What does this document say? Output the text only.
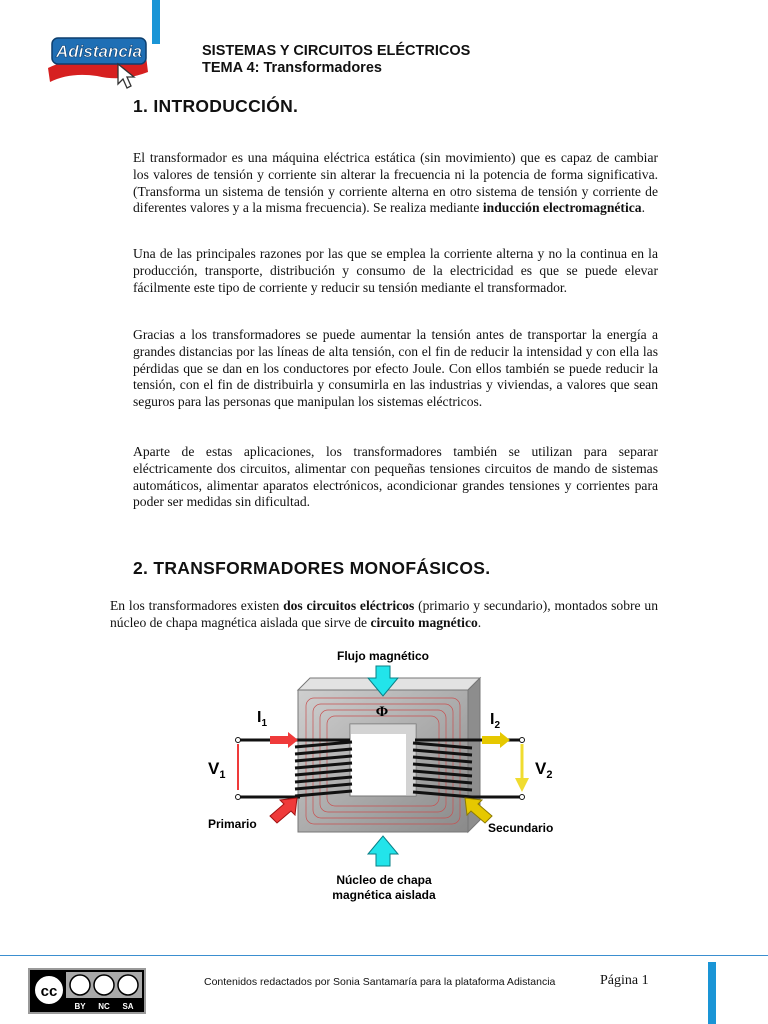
Adistancia	SISTEMAS Y CIRCUITOS ELÉCTRICOS
TEMA 4: Transformadores
1. INTRODUCCIÓN.
El transformador es una máquina eléctrica estática (sin movimiento) que es capaz de cambiar los valores de tensión y corriente sin alterar la frecuencia ni la potencia de forma significativa. (Transforma un sistema de tensión y corriente alterna en otro sistema de tensión y corriente de diferentes valores y a la misma frecuencia). Se realiza mediante inducción electromagnética.
Una de las principales razones por las que se emplea la corriente alterna y no la continua en la producción, transporte, distribución y consumo de la electricidad es que se puede elevar fácilmente este tipo de corriente y reducir su tensión mediante el transformador.
Gracias a los transformadores se puede aumentar la tensión antes de transportar la energía a grandes distancias por las líneas de alta tensión, con el fin de reducir la intensidad y con ella las pérdidas que se dan en los conductores por efecto Joule. Con ellos también se puede reducir la tensión, con el fin de distribuirla y consumirla en las industrias y viviendas, a valores que sean seguros para las personas que manipulan los sistemas eléctricos.
Aparte de estas aplicaciones, los transformadores también se utilizan para separar eléctricamente dos circuitos, alimentar con pequeñas tensiones circuitos de mando de sistemas automáticos, alimentar aparatos electrónicos, acondicionar grandes tensiones y corrientes para poder ser medidas sin dificultad.
2. TRANSFORMADORES MONOFÁSICOS.
En los transformadores existen dos circuitos eléctricos (primario y secundario), montados sobre un núcleo de chapa magnética aislada que sirve de circuito magnético.
Flujo magnético
Φ
$I_1$	$I_2$
$V_1$	$V_2$
Primario	Secundario
Núcleo de chapa
magnética aislada
cc
BY NC SA
Contenidos redactados por Sonia Santamaría para la plataforma Adistancia	Página 1
